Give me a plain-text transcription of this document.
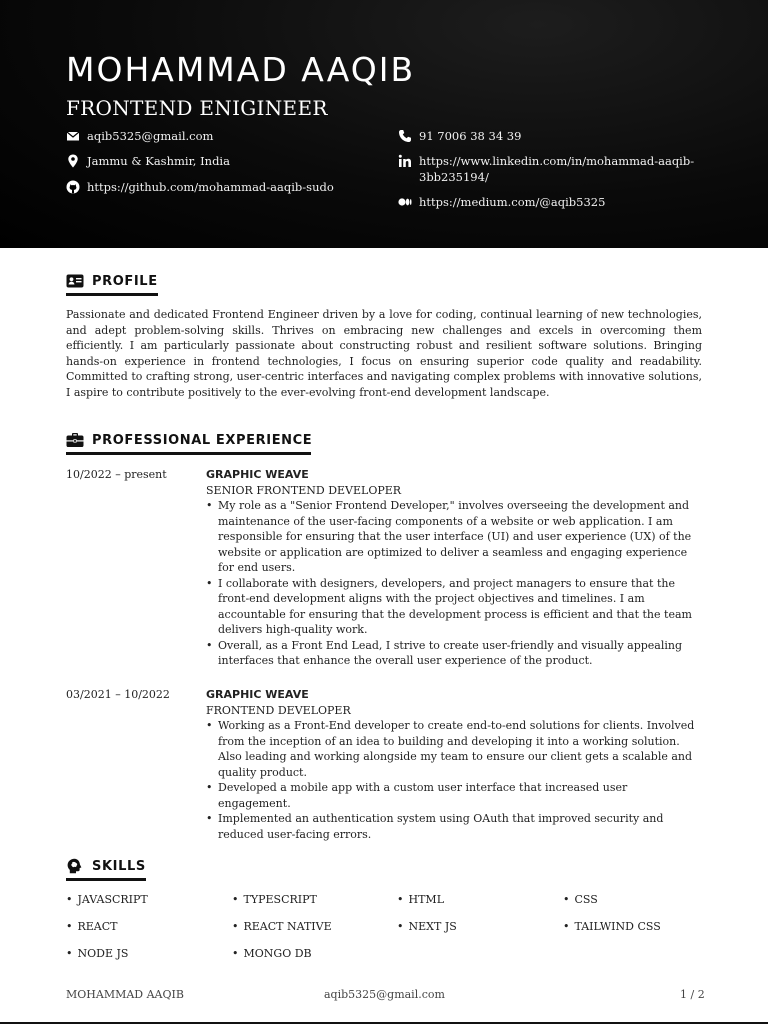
MOHAMMAD AAQIB
FRONTEND ENIGINEER
aqib5325@gmail.com
Jammu & Kashmir, India
https://github.com/mohammad-aaqib-sudo
91 7006 38 34 39
https://www.linkedin.com/in/mohammad-aaqib-
3bb235194/
https://medium.com/@aqib5325
PROFILE
Passionate and dedicated Frontend Engineer driven by a love for coding, continual learning of new technologies, and adept problem-solving skills. Thrives on embracing new challenges and excels in overcoming them efficiently. I am particularly passionate about constructing robust and resilient software solutions. Bringing hands-on experience in frontend technologies, I focus on ensuring superior code quality and readability. Committed to crafting strong, user-centric interfaces and navigating complex problems with innovative solutions, I aspire to contribute positively to the ever-evolving front-end development landscape.
PROFESSIONAL EXPERIENCE
10/2022 – present	GRAPHIC WEAVE
SENIOR FRONTEND DEVELOPER
• My role as a "Senior Frontend Developer," involves overseeing the development and maintenance of the user-facing components of a website or web application. I am responsible for ensuring that the user interface (UI) and user experience (UX) of the website or application are optimized to deliver a seamless and engaging experience for end users.
• I collaborate with designers, developers, and project managers to ensure that the front-end development aligns with the project objectives and timelines. I am accountable for ensuring that the development process is efficient and that the team delivers high-quality work.
• Overall, as a Front End Lead, I strive to create user-friendly and visually appealing interfaces that enhance the overall user experience of the product.
03/2021 – 10/2022	GRAPHIC WEAVE
FRONTEND DEVELOPER
• Working as a Front-End developer to create end-to-end solutions for clients. Involved from the inception of an idea to building and developing it into a working solution. Also leading and working alongside my team to ensure our client gets a scalable and quality product.
• Developed a mobile app with a custom user interface that increased user engagement.
• Implemented an authentication system using OAuth that improved security and reduced user-facing errors.
SKILLS
• JAVASCRIPT	• TYPESCRIPT	• HTML	• CSS
• REACT	• REACT NATIVE	• NEXT JS	• TAILWIND CSS
• NODE JS	• MONGO DB
MOHAMMAD AAQIB	aqib5325@gmail.com	1 / 2
